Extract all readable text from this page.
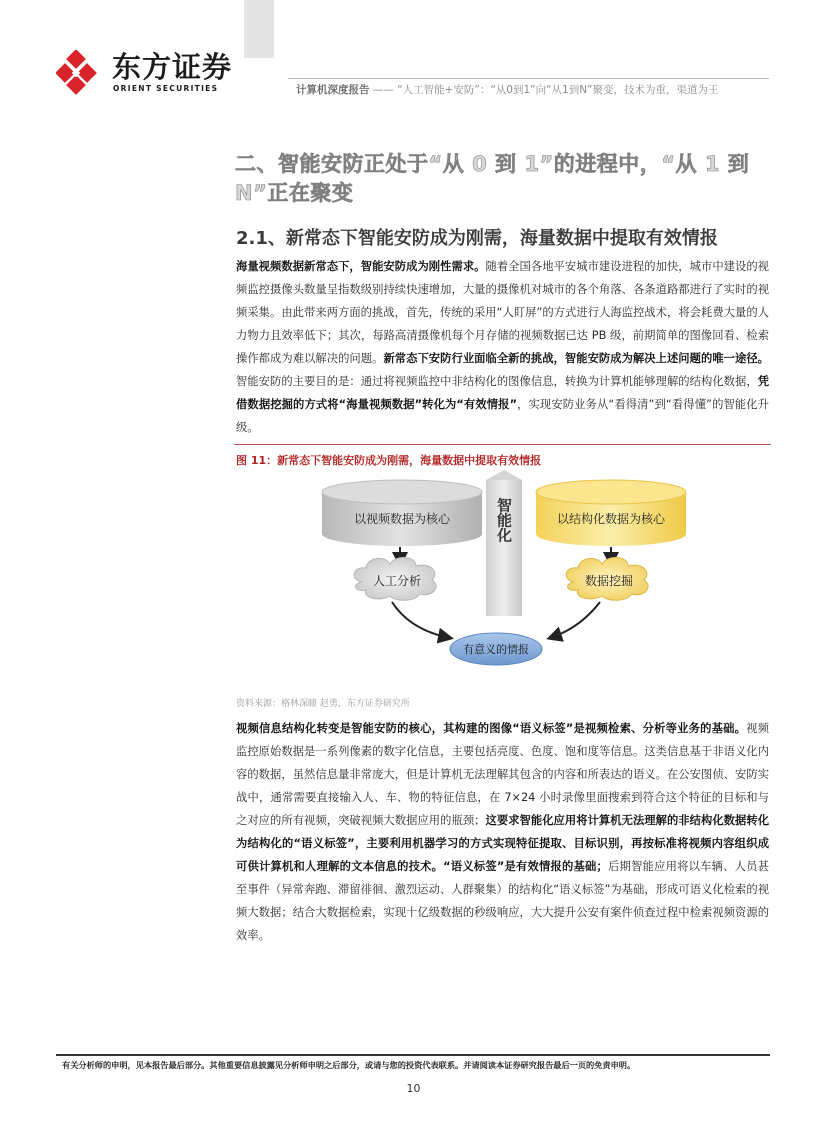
东方证券
ORIENT SECURITIES	计算机深度报告 —— “人工智能+安防”：“从0到1”向“从1到N”聚变，技术为重，渠道为王
二、智能安防正处于“从 0 到 1”的进程中，“从 1 到 N”正在聚变
2.1、新常态下智能安防成为刚需，海量数据中提取有效情报

海量视频数据新常态下，智能安防成为刚性需求。随着全国各地平安城市建设进程的加快，城市中建设的视频监控摄像头数量呈指数级别持续快速增加，大量的摄像机对城市的各个角落、各条道路都进行了实时的视频采集。由此带来两方面的挑战，首先，传统的采用“人盯屏”的方式进行人海监控战术，将会耗费大量的人力物力且效率低下；其次，每路高清摄像机每个月存储的视频数据已达 PB 级，前期简单的图像回看、检索操作都成为难以解决的问题。新常态下安防行业面临全新的挑战，智能安防成为解决上述问题的唯一途径。智能安防的主要目的是：通过将视频监控中非结构化的图像信息，转换为计算机能够理解的结构化数据，凭借数据挖掘的方式将“海量视频数据”转化为“有效情报”，实现安防业务从“看得清”到“看得懂”的智能化升级。

图 11：新常态下智能安防成为刚需，海量数据中提取有效情报
以视频数据为核心	智能化	以结构化数据为核心
人工分析	数据挖掘
有意义的情报
资料来源：格林深瞳 赵勇，东方证券研究所

视频信息结构化转变是智能安防的核心，其构建的图像“语义标签”是视频检索、分析等业务的基础。视频监控原始数据是一系列像素的数字化信息，主要包括亮度、色度、饱和度等信息。这类信息基于非语义化内容的数据，虽然信息量非常庞大，但是计算机无法理解其包含的内容和所表达的语义。在公安图侦、安防实战中，通常需要直接输入人、车、物的特征信息，在 7×24 小时录像里面搜索到符合这个特征的目标和与之对应的所有视频，突破视频大数据应用的瓶颈；这要求智能化应用将计算机无法理解的非结构化数据转化为结构化的“语义标签”，主要利用机器学习的方式实现特征提取、目标识别，再按标准将视频内容组织成可供计算机和人理解的文本信息的技术。“语义标签”是有效情报的基础；后期智能应用将以车辆、人员甚至事件（异常奔跑、滞留徘徊、激烈运动、人群聚集）的结构化“语义标签”为基础，形成可语义化检索的视频大数据；结合大数据检索，实现十亿级数据的秒级响应，大大提升公安有案件侦查过程中检索视频资源的效率。

有关分析师的申明，见本报告最后部分。其他重要信息披露见分析师申明之后部分，或请与您的投资代表联系。并请阅读本证券研究报告最后一页的免责申明。
10
